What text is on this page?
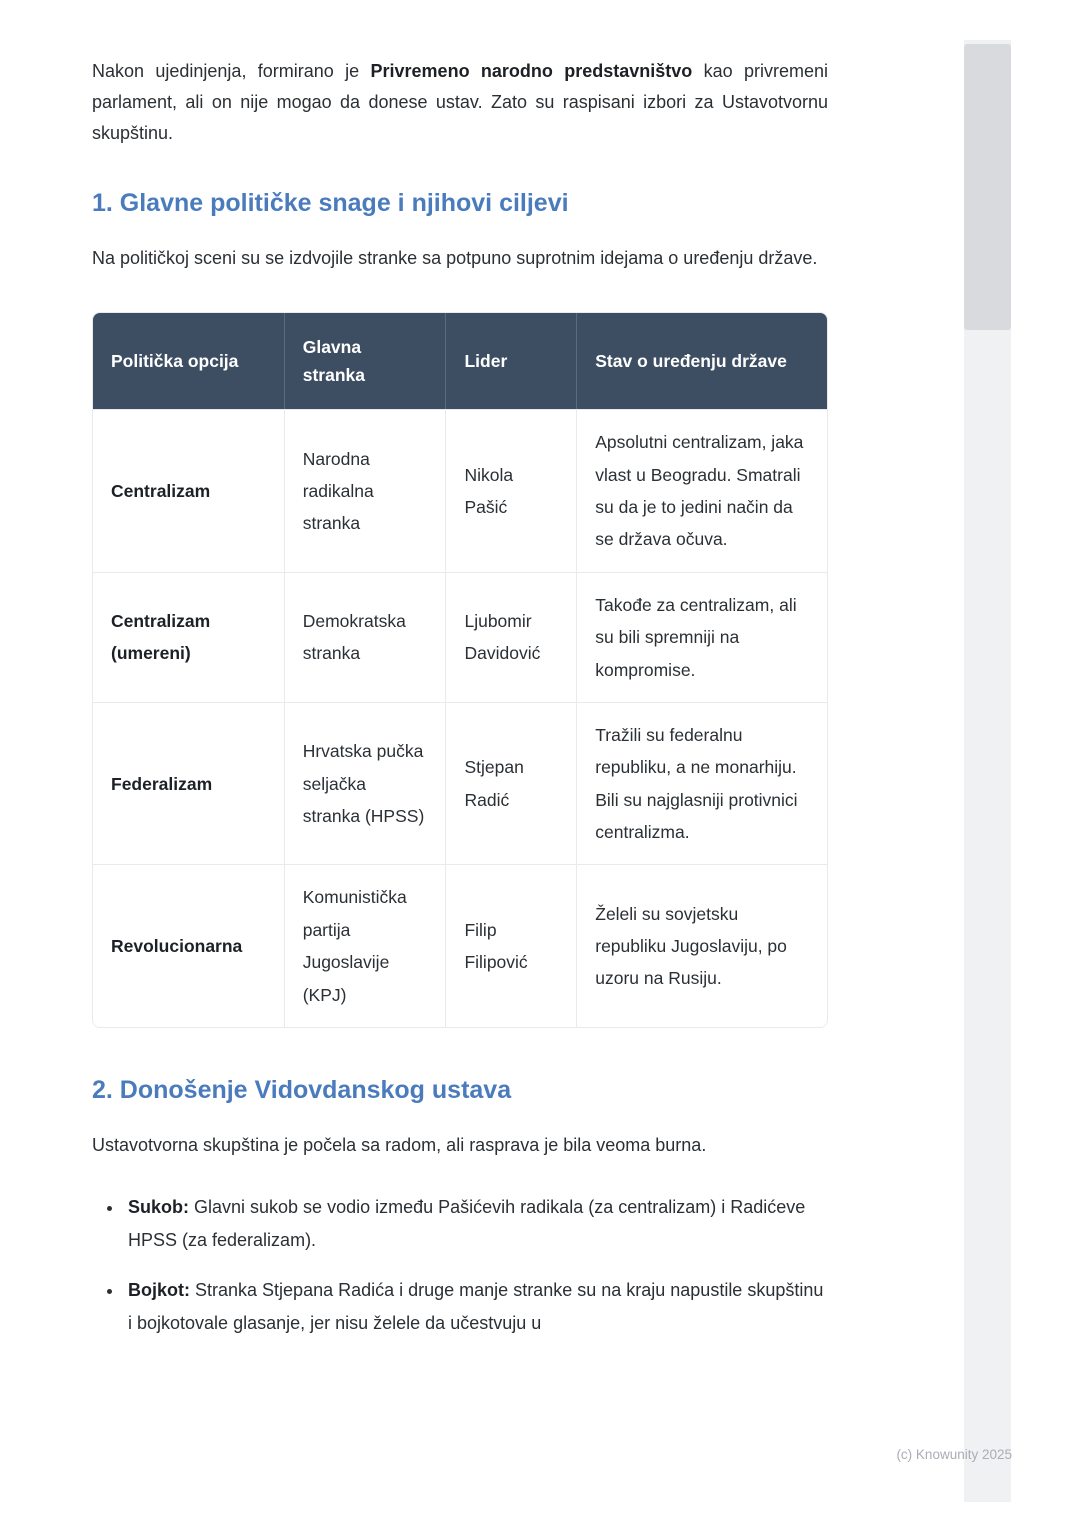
Nakon ujedinjenja, formirano je Privremeno narodno predstavništvo kao privremeni parlament, ali on nije mogao da donese ustav. Zato su raspisani izbori za Ustavotvornu skupštinu.

1. Glavne političke snage i njihovi ciljevi

Na političkoj sceni su se izdvojile stranke sa potpuno suprotnim idejama o uređenju države.

Politička opcija	Glavna stranka	Lider	Stav o uređenju države
Centralizam	Narodna radikalna stranka	Nikola Pašić	Apsolutni centralizam, jaka vlast u Beogradu. Smatrali su da je to jedini način da se država očuva.
Centralizam (umereni)	Demokratska stranka	Ljubomir Davidović	Takođe za centralizam, ali su bili spremniji na kompromise.
Federalizam	Hrvatska pučka seljačka stranka (HPSS)	Stjepan Radić	Tražili su federalnu republiku, a ne monarhiju. Bili su najglasniji protivnici centralizma.
Revolucionarna	Komunistička partija Jugoslavije (KPJ)	Filip Filipović	Želeli su sovjetsku republiku Jugoslaviju, po uzoru na Rusiju.
2. Donošenje Vidovdanskog ustava

Ustavotvorna skupština je počela sa radom, ali rasprava je bila veoma burna.

• Sukob: Glavni sukob se vodio između Pašićevih radikala (za centralizam) i Radićeve HPSS (za federalizam).
• Bojkot: Stranka Stjepana Radića i druge manje stranke su na kraju napustile skupštinu i bojkotovale glasanje, jer nisu želele da učestvuju u
(c) Knowunity 2025
